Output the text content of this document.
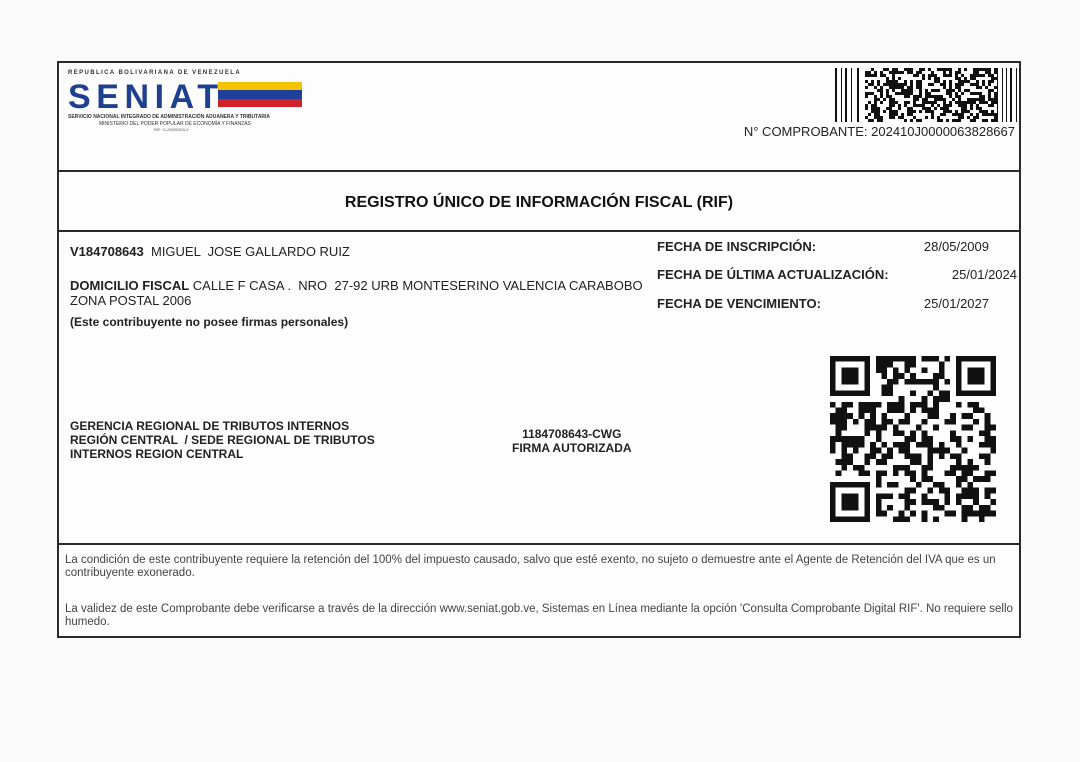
REPUBLICA BOLIVARIANA DE VENEZUELA
SENIAT
SERVICIO NACIONAL INTEGRADO DE ADMINISTRACIÓN ADUANERA Y TRIBUTARIA
MINISTERIO DEL PODER POPULAR DE ECONOMÍA Y FINANZAS
RIF: G-20000303-0	N° COMPROBANTE: 202410J0000063828667
REGISTRO ÚNICO DE INFORMACIÓN FISCAL (RIF)
V184708643 MIGUEL  JOSE GALLARDO RUIZ
DOMICILIO FISCAL CALLE F CASA .  NRO  27-92 URB MONTESERINO VALENCIA CARABOBO ZONA POSTAL 2006
(Este contribuyente no posee firmas personales)
FECHA DE INSCRIPCIÓN:	28/05/2009
FECHA DE ÚLTIMA ACTUALIZACIÓN:	25/01/2024
FECHA DE VENCIMIENTO:	25/01/2027
GERENCIA REGIONAL DE TRIBUTOS INTERNOS
REGIÓN CENTRAL  / SEDE REGIONAL DE TRIBUTOS
INTERNOS REGION CENTRAL
1184708643-CWG
FIRMA AUTORIZADA
La condición de este contribuyente requiere la retención del 100% del impuesto causado, salvo que esté exento, no sujeto o demuestre ante el Agente de Retención del IVA que es un contribuyente exonerado.
La validez de este Comprobante debe verificarse a través de la dirección www.seniat.gob.ve, Sistemas en Línea mediante la opción 'Consulta Comprobante Digital RIF'. No requiere sello humedo.
